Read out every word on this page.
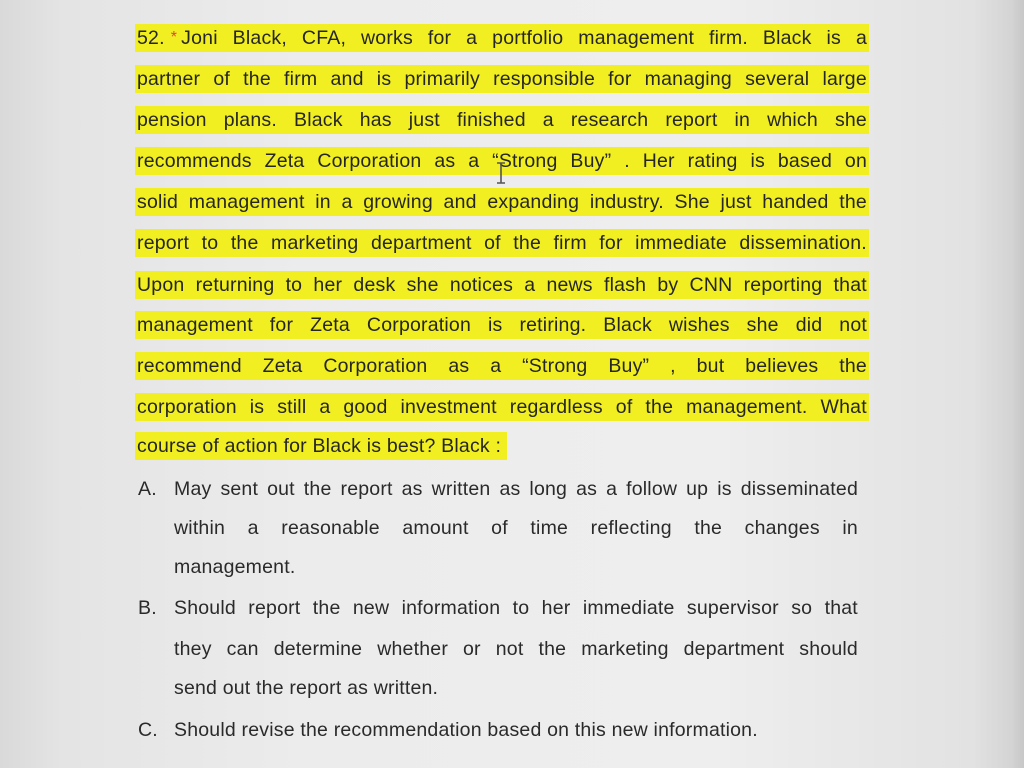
52. * Joni Black, CFA, works for a portfolio management firm. Black is a
partner of the firm and is primarily responsible for managing several large
pension plans. Black has just finished a research report in which she
recommends Zeta Corporation as a “Strong Buy” . Her rating is based on
solid management in a growing and expanding industry. She just handed the
report to the marketing department of the firm for immediate dissemination.
Upon returning to her desk she notices a news flash by CNN reporting that
management for Zeta Corporation is retiring. Black wishes she did not
recommend Zeta Corporation as a “Strong Buy” , but believes the
corporation is still a good investment regardless of the management. What
course of action for Black is best? Black :
A. May sent out the report as written as long as a follow up is disseminated
within a reasonable amount of time reflecting the changes in
management.
B. Should report the new information to her immediate supervisor so that
they can determine whether or not the marketing department should
send out the report as written.
C. Should revise the recommendation based on this new information.
